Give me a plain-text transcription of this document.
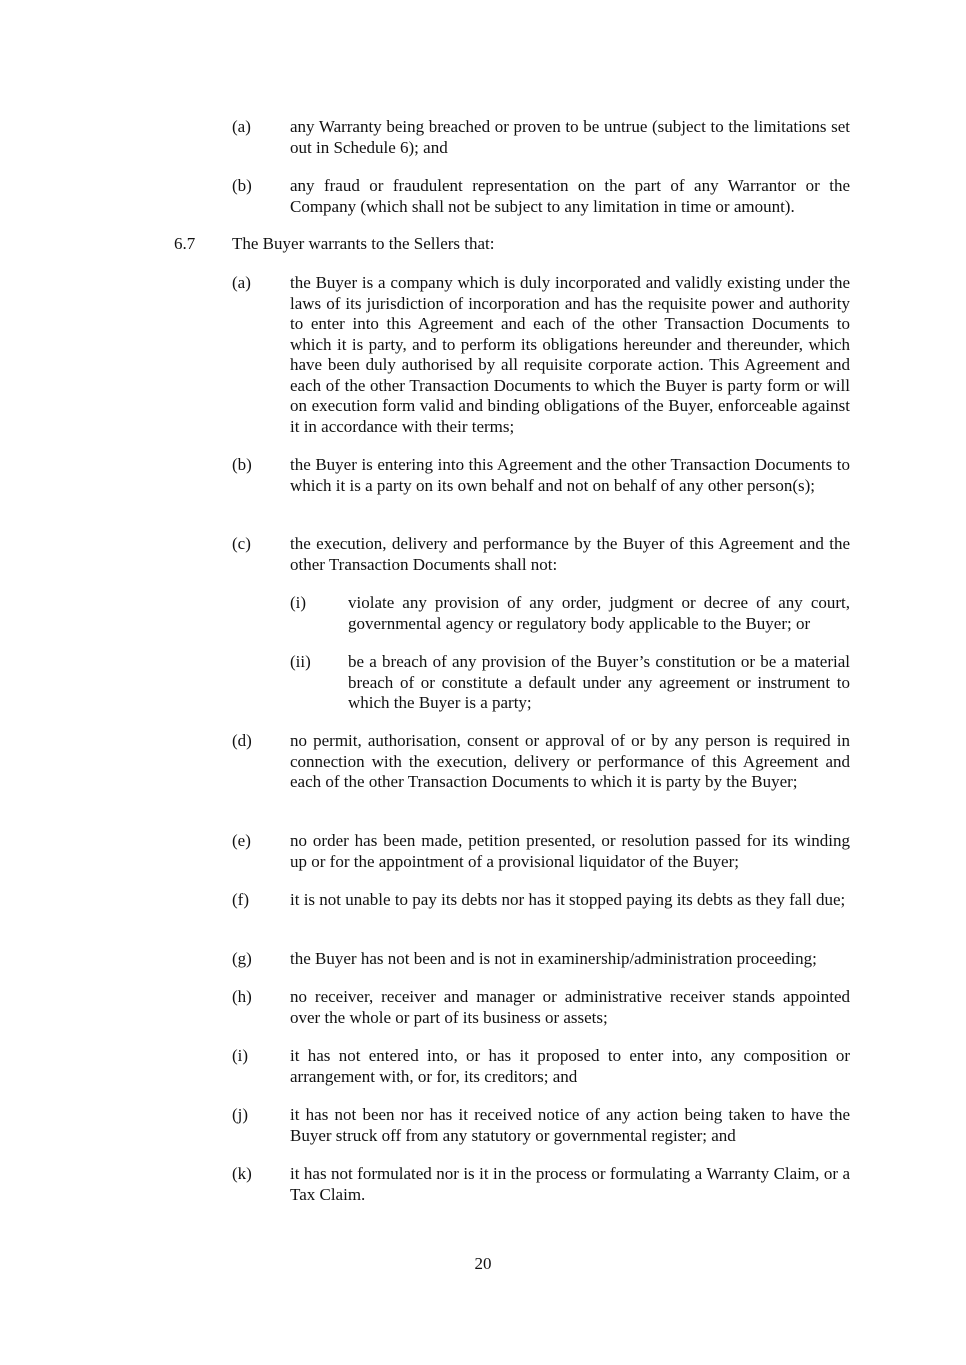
(a) any Warranty being breached or proven to be untrue (subject to the limitations set out in Schedule 6); and
(b) any fraud or fraudulent representation on the part of any Warrantor or the Company (which shall not be subject to any limitation in time or amount).
6.7 The Buyer warrants to the Sellers that:
(a) the Buyer is a company which is duly incorporated and validly existing under the laws of its jurisdiction of incorporation and has the requisite power and authority to enter into this Agreement and each of the other Transaction Documents to which it is party, and to perform its obligations hereunder and thereunder, which have been duly authorised by all requisite corporate action. This Agreement and each of the other Transaction Documents to which the Buyer is party form or will on execution form valid and binding obligations of the Buyer, enforceable against it in accordance with their terms;
(b) the Buyer is entering into this Agreement and the other Transaction Documents to which it is a party on its own behalf and not on behalf of any other person(s);
(c) the execution, delivery and performance by the Buyer of this Agreement and the other Transaction Documents shall not:
(i) violate any provision of any order, judgment or decree of any court, governmental agency or regulatory body applicable to the Buyer; or
(ii) be a breach of any provision of the Buyer’s constitution or be a material breach of or constitute a default under any agreement or instrument to which the Buyer is a party;
(d) no permit, authorisation, consent or approval of or by any person is required in connection with the execution, delivery or performance of this Agreement and each of the other Transaction Documents to which it is party by the Buyer;
(e) no order has been made, petition presented, or resolution passed for its winding up or for the appointment of a provisional liquidator of the Buyer;
(f) it is not unable to pay its debts nor has it stopped paying its debts as they fall due;
(g) the Buyer has not been and is not in examinership/administration proceeding;
(h) no receiver, receiver and manager or administrative receiver stands appointed over the whole or part of its business or assets;
(i) it has not entered into, or has it proposed to enter into, any composition or arrangement with, or for, its creditors; and
(j) it has not been nor has it received notice of any action being taken to have the Buyer struck off from any statutory or governmental register; and
(k) it has not formulated nor is it in the process or formulating a Warranty Claim, or a Tax Claim.
20
